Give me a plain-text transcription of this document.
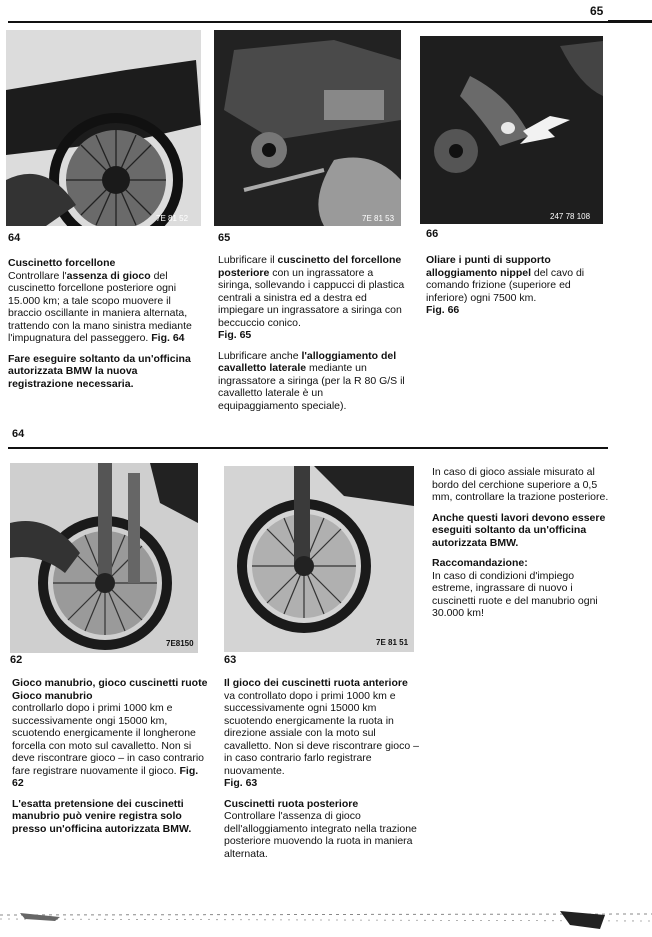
65
7E 81 52	7E 81 53	247 78 108
64	65	66

Cuscinetto forcellone
Controllare l'assenza di gioco del cuscinetto forcellone posteriore ogni 15.000 km; a tale scopo muovere il braccio oscillante in maniera alternata, trattendo con la mano sinistra mediante l'impugnatura del passeggero. Fig. 64

Fare eseguire soltanto da un'officina autorizzata BMW la nuova registrazione necessaria.

Lubrificare il cuscinetto del forcellone posteriore con un ingrassatore a siringa, sollevando i cappucci di plastica centrali a sinistra ed a destra ed impiegare un ingrassatore a siringa con beccuccio conico.
Fig. 65

Lubrificare anche l'alloggiamento del cavalletto laterale mediante un ingrassatore a siringa (per la R 80 G/S il cavalletto laterale è un equipaggiamento speciale).

Oliare i punti di supporto alloggiamento nippel del cavo di comando frizione (superiore ed inferiore) ogni 7500 km.
Fig. 66

64
7E8150	7E 81 51
62	63

Gioco manubrio, gioco cuscinetti ruote
Gioco manubrio
controllarlo dopo i primi 1000 km e successivamente ongi 15000 km, scuotendo energicamente il longherone forcella con moto sul cavalletto. Non si deve riscontrare gioco – in caso contrario fare registrare nuovamente il gioco. Fig. 62

L'esatta pretensione dei cuscinetti manubrio può venire registra solo presso un'officina autorizzata BMW.

Il gioco dei cuscinetti ruota anteriore va controllato dopo i primi 1000 km e successivamente ogni 15000 km scuotendo energicamente la ruota in direzione assiale con la moto sul cavalletto. Non si deve riscontrare gioco – in caso contrario farlo registrare nuovamente.
Fig. 63

Cuscinetti ruota posteriore
Controllare l'assenza di gioco dell'alloggiamento integrato nella trazione posteriore muovendo la ruota in maniera alternata.

In caso di gioco assiale misurato al bordo del cerchione superiore a 0,5 mm, controllare la trazione posteriore.

Anche questi lavori devono essere eseguiti soltanto da un'officina autorizzata BMW.

Raccomandazione:
In caso di condizioni d'impiego estreme, ingrassare di nuovo i cuscinetti ruote e del manubrio ogni 30.000 km!
